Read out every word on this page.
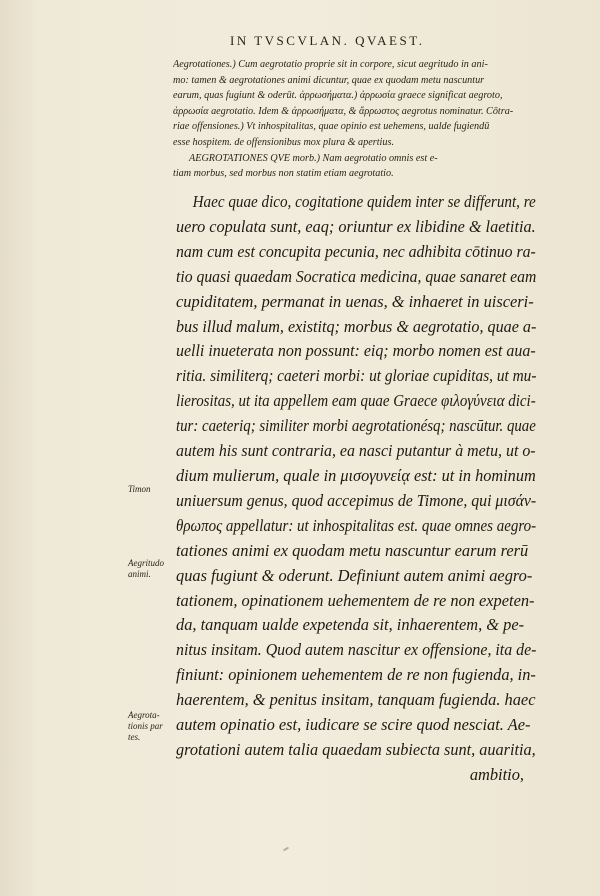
IN TVSCVLAN. QVAEST.
Aegrotationes.) Cum aegrotatio proprie sit in corpore, sicut aegritudo in ani-
mo: tamen & aegrotationes animi dicuntur, quae ex quodam metu nascuntur
earum, quas fugiunt & oderūt. ἀρρωσήματα.) ἀρρωσία graece significat aegroto,
ἀρρωσία aegrotatio. Idem & ἀρρωσήματα, & ἄρρωστος aegrotus nominatur. Cōtra-
riae offensiones.) Vt inhospitalitas, quae opinio est uehemens, ualde fugiendū
esse hospitem. de offensionibus mox plura & apertius.
AEGROTATIONES QVE morb.) Nam aegrotatio omnis est e-
tiam morbus, sed morbus non statim etiam aegrotatio.
Haec quae dico, cogitatione quidem inter se differunt, re
uero copulata sunt, eaq; oriuntur ex libidine & laetitia.
nam cum est concupita pecunia, nec adhibita cōtinuo ra-
tio quasi quaedam Socratica medicina, quae sanaret eam
cupiditatem, permanat in uenas, & inhaeret in uisceri-
bus illud malum, existitq; morbus & aegrotatio, quae a-
uelli inueterata non possunt: eiq; morbo nomen est aua-
ritia. similiterq; caeteri morbi: ut gloriae cupiditas, ut mu-
lierositas, ut ita appellem eam quae Graece φιλογύνεια dici-
tur: caeteriq; similiter morbi aegrotationésq; nascūtur. quae
autem his sunt contraria, ea nasci putantur à metu, ut o-
dium mulierum, quale in μισογυνείᾳ est: ut in hominum
uniuersum genus, quod accepimus de Timone, qui μισάν-
θρωπος appellatur: ut inhospitalitas est. quae omnes aegro-
tationes animi ex quodam metu nascuntur earum rerū
quas fugiunt & oderunt. Definiunt autem animi aegro-
tationem, opinationem uehementem de re non expeten-
da, tanquam ualde expetenda sit, inhaerentem, & pe-
nitus insitam. Quod autem nascitur ex offensione, ita de-
finiunt: opinionem uehementem de re non fugienda, in-
haerentem, & penitus insitam, tanquam fugienda. haec
autem opinatio est, iudicare se scire quod nesciat. Ae-
grotationi autem talia quaedam subiecta sunt, auaritia,
ambitio,
Timon
Aegritudo
animi.
Aegrota-
tionis par
tes.
